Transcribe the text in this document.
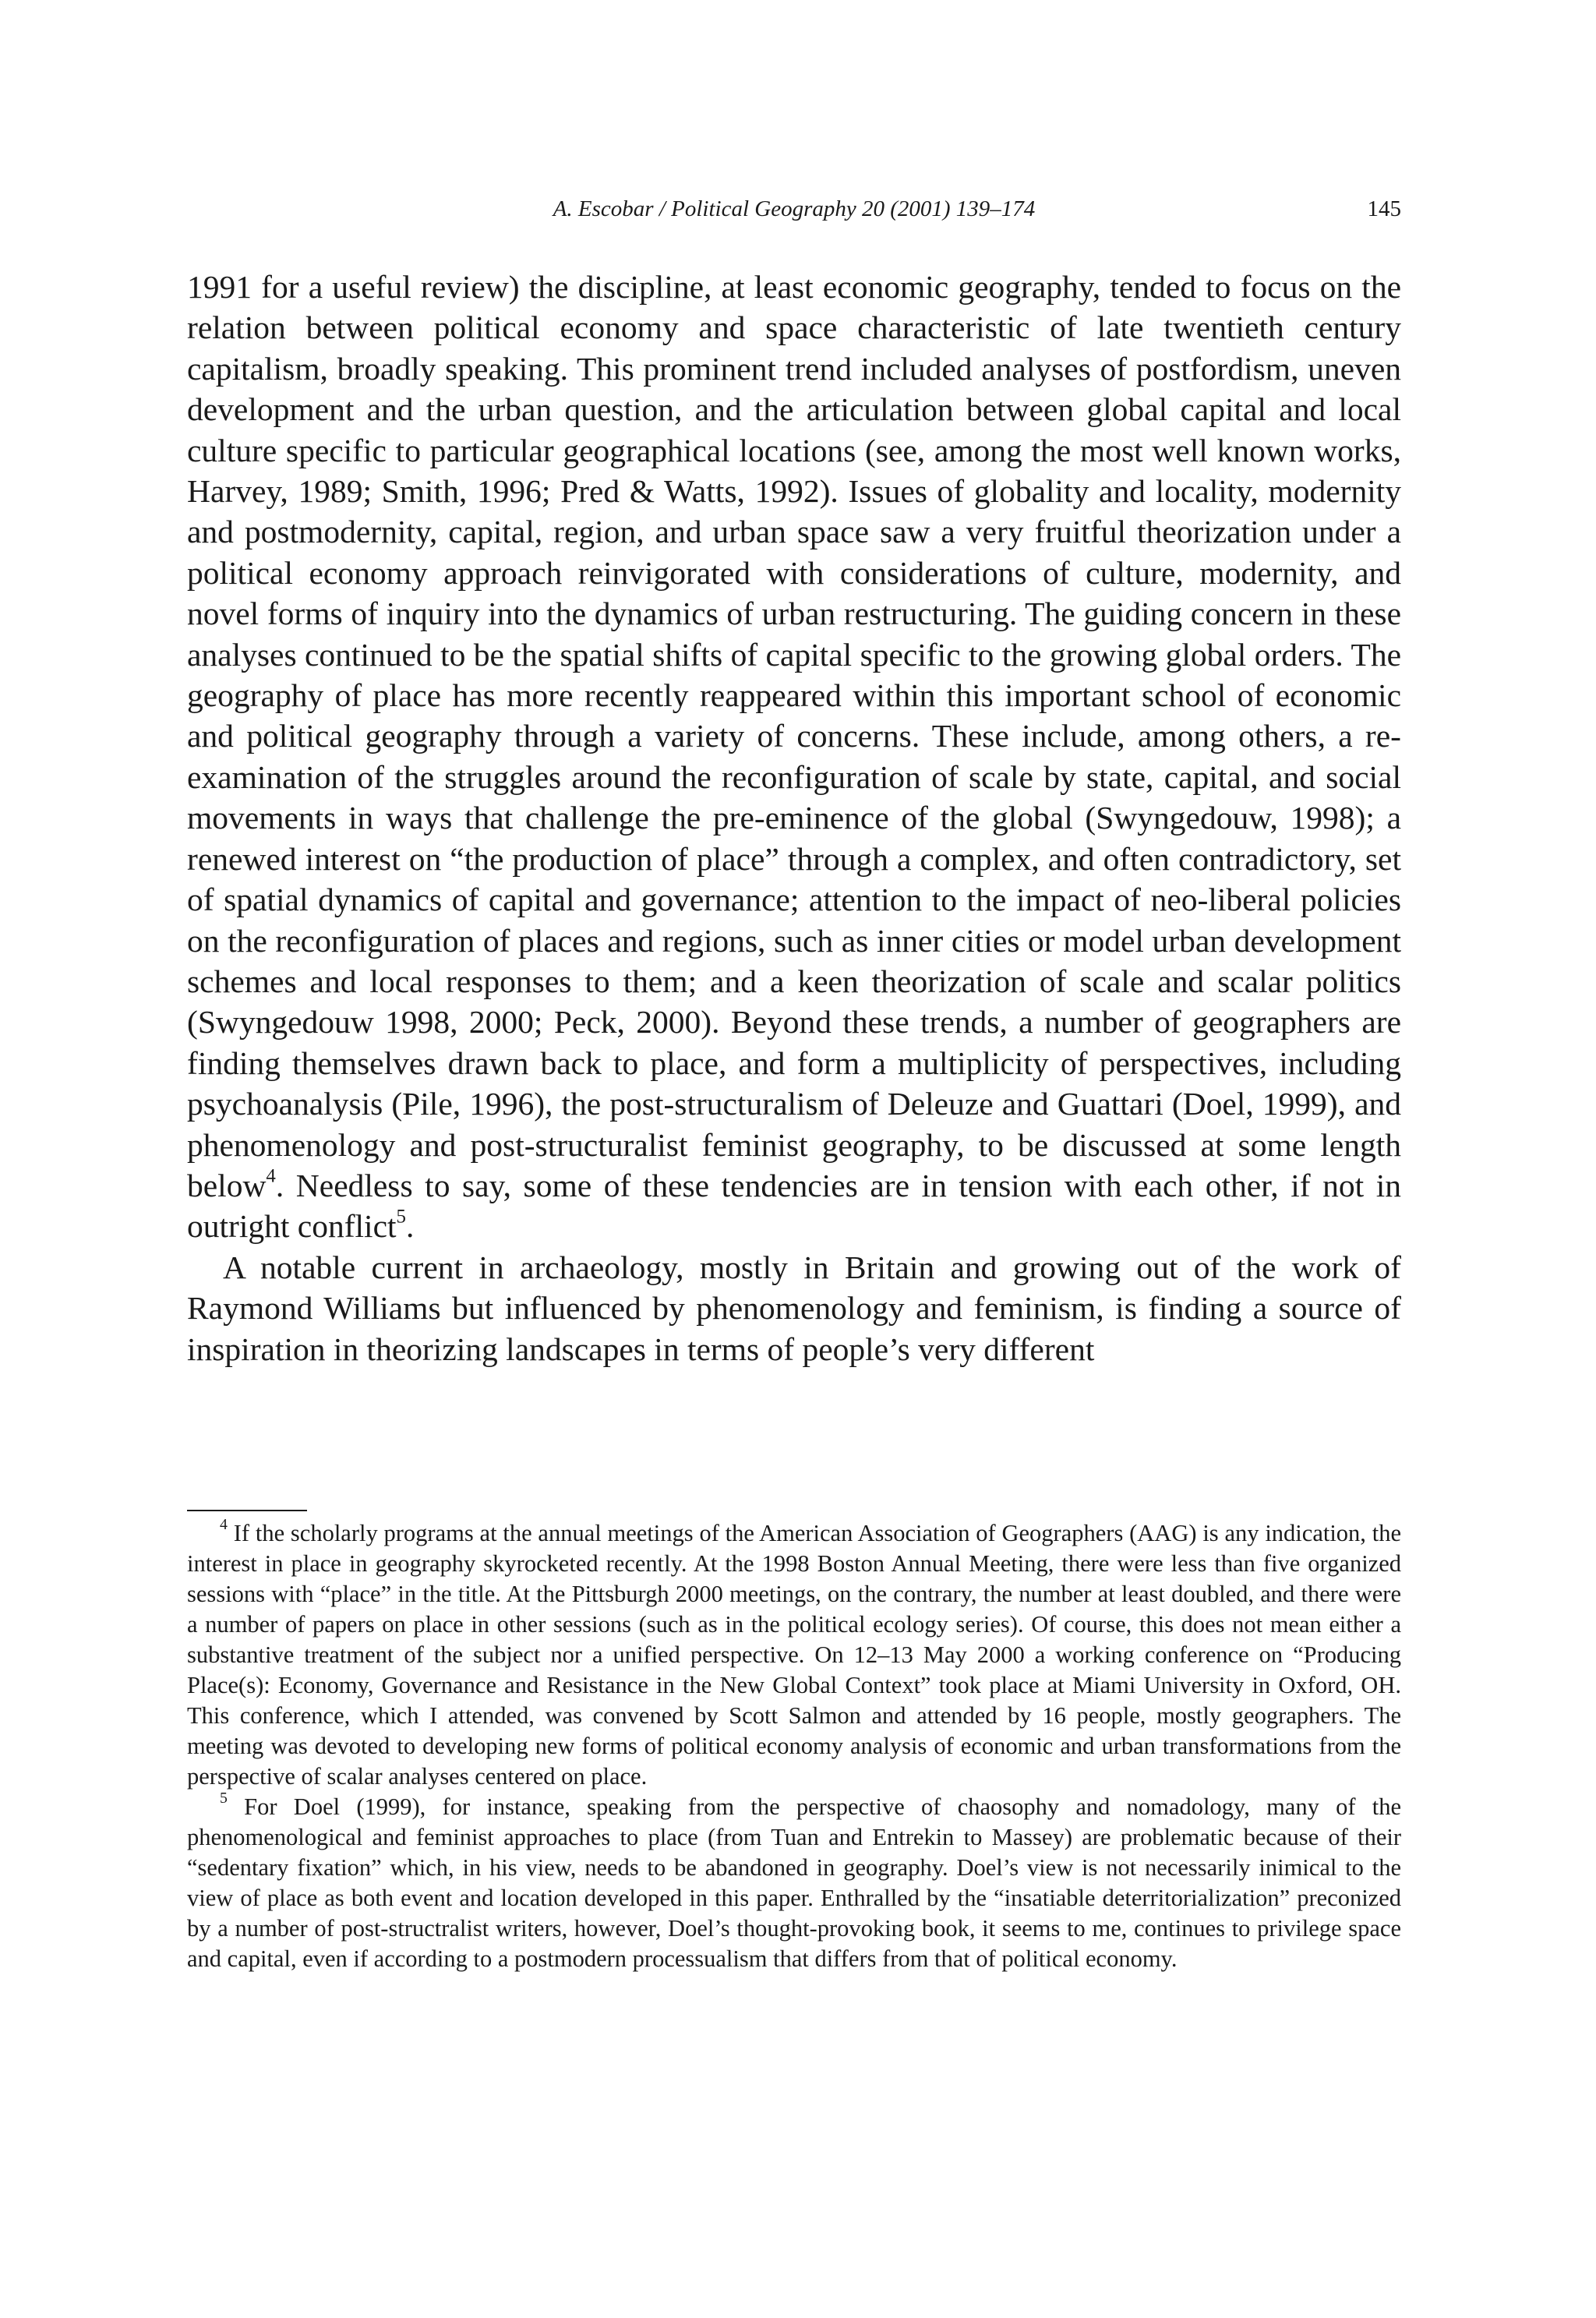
A. Escobar / Political Geography 20 (2001) 139–174	145

1991 for a useful review) the discipline, at least economic geography, tended to focus on the relation between political economy and space characteristic of late twentieth century capitalism, broadly speaking. This prominent trend included analyses of postfordism, uneven development and the urban question, and the articulation between global capital and local culture specific to particular geographical locations (see, among the most well known works, Harvey, 1989; Smith, 1996; Pred & Watts, 1992). Issues of globality and locality, modernity and postmodernity, capital, region, and urban space saw a very fruitful theorization under a political economy approach reinvigorated with considerations of culture, modernity, and novel forms of inquiry into the dynamics of urban restructuring. The guiding concern in these analyses continued to be the spatial shifts of capital specific to the growing global orders. The geography of place has more recently reappeared within this important school of economic and political geography through a variety of concerns. These include, among others, a re-examination of the struggles around the reconfiguration of scale by state, capital, and social movements in ways that challenge the pre-eminence of the global (Swyngedouw, 1998); a renewed interest on “the production of place” through a complex, and often contradictory, set of spatial dynamics of capital and governance; attention to the impact of neo-liberal policies on the reconfiguration of places and regions, such as inner cities or model urban development schemes and local responses to them; and a keen theorization of scale and scalar politics (Swyngedouw 1998, 2000; Peck, 2000). Beyond these trends, a number of geographers are finding themselves drawn back to place, and form a multiplicity of perspectives, including psychoanalysis (Pile, 1996), the post-structuralism of Deleuze and Guattari (Doel, 1999), and phenomenology and post-structuralist feminist geography, to be discussed at some length below$^4$. Needless to say, some of these tendencies are in tension with each other, if not in outright conflict$^5$.

A notable current in archaeology, mostly in Britain and growing out of the work of Raymond Williams but influenced by phenomenology and feminism, is finding a source of inspiration in theorizing landscapes in terms of people’s very different

$^4$ If the scholarly programs at the annual meetings of the American Association of Geographers (AAG) is any indication, the interest in place in geography skyrocketed recently. At the 1998 Boston Annual Meeting, there were less than five organized sessions with “place” in the title. At the Pittsburgh 2000 meetings, on the contrary, the number at least doubled, and there were a number of papers on place in other sessions (such as in the political ecology series). Of course, this does not mean either a substantive treatment of the subject nor a unified perspective. On 12–13 May 2000 a working conference on “Producing Place(s): Economy, Governance and Resistance in the New Global Context” took place at Miami University in Oxford, OH. This conference, which I attended, was convened by Scott Salmon and attended by 16 people, mostly geographers. The meeting was devoted to developing new forms of political economy analysis of economic and urban transformations from the perspective of scalar analyses centered on place.

$^5$ For Doel (1999), for instance, speaking from the perspective of chaosophy and nomadology, many of the phenomenological and feminist approaches to place (from Tuan and Entrekin to Massey) are problematic because of their “sedentary fixation” which, in his view, needs to be abandoned in geography. Doel’s view is not necessarily inimical to the view of place as both event and location developed in this paper. Enthralled by the “insatiable deterritorialization” preconized by a number of post-structralist writers, however, Doel’s thought-provoking book, it seems to me, continues to privilege space and capital, even if according to a postmodern processualism that differs from that of political economy.
